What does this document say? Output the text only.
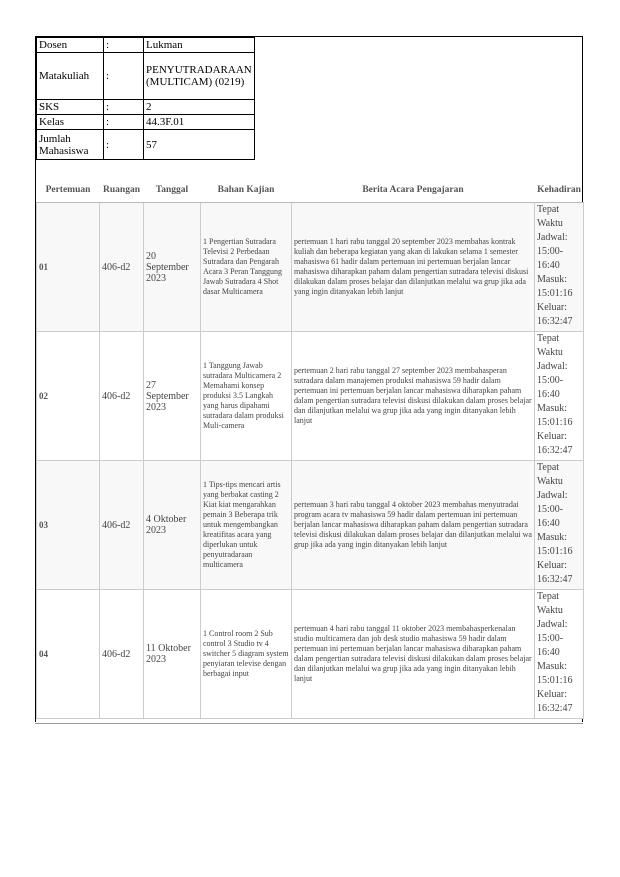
Dosen	:	Lukman
Matakuliah	:	PENYUTRADARAAN (MULTICAM) (0219)
SKS	:	2
Kelas	:	44.3F.01
Jumlah Mahasiswa	:	57
Pertemuan	Ruangan	Tanggal	Bahan Kajian	Berita Acara Pengajaran	Kehadiran
01	406-d2	20 September 2023	1 Pengertian Sutradara Televisi 2 Perbedaan Sutradara dan Pengarah Acara 3 Peran Tanggung Jawab Sutradara 4 Shot dasar Multicamera	pertemuan 1 hari rabu tanggal 20 september 2023 membahas kontrak kuliah dan beberapa kegiatan yang akan di lakukan selama 1 semester mahasiswa 61 hadir dalam pertemuan ini pertemuan berjalan lancar mahasiswa diharapkan paham dalam pengertian sutradara televisi diskusi dilakukan dalam proses belajar dan dilanjutkan melalui wa grup jika ada yang ingin ditanyakan lebih lanjut	Tepat Waktu Jadwal: 15:00-16:40 Masuk: 15:01:16 Keluar: 16:32:47
02	406-d2	27 September 2023	1 Tanggung Jawab sutradara Multicamera 2 Memahami konsep produksi 3.5 Langkah yang harus dipahami sutradara dalam produksi Muli-camera	pertemuan 2 hari rabu tanggal 27 september 2023 membahasperan sutradara dalam manajemen produksi mahasiswa 59 hadir dalam pertemuan ini pertemuan berjalan lancar mahasiswa diharapkan paham dalam pengertian sutradara televisi diskusi dilakukan dalam proses belajar dan dilanjutkan melalui wa grup jika ada yang ingin ditanyakan lebih lanjut	Tepat Waktu Jadwal: 15:00-16:40 Masuk: 15:01:16 Keluar: 16:32:47
03	406-d2	4 Oktober 2023	1 Tips-tips mencari artis yang berbakat casting 2 Kiat kiat mengarahkan pemain 3 Beberapa trik untuk mengembangkan kreatifitas acara yang diperlukan untuk penyutradaraan multicamera	pertemuan 3 hari rabu tanggal 4 oktober 2023 membahas menyutradai program acara tv mahasiswa 59 hadir dalam pertemuan ini pertemuan berjalan lancar mahasiswa diharapkan paham dalam pengertian sutradara televisi diskusi dilakukan dalam proses belajar dan dilanjutkan melalui wa grup jika ada yang ingin ditanyakan lebih lanjut	Tepat Waktu Jadwal: 15:00-16:40 Masuk: 15:01:16 Keluar: 16:32:47
04	406-d2	11 Oktober 2023	1 Control room 2 Sub control 3 Studio tv 4 switcher 5 diagram system penyiaran televise dengan berbagai input	pertemuan 4 hari rabu tanggal 11 oktober 2023 membahasperkenalan studio multicamera dan job desk studio mahasiswa 59 hadir dalam pertemuan ini pertemuan berjalan lancar mahasiswa diharapkan paham dalam pengertian sutradara televisi diskusi dilakukan dalam proses belajar dan dilanjutkan melalui wa grup jika ada yang ingin ditanyakan lebih lanjut	Tepat Waktu Jadwal: 15:00-16:40 Masuk: 15:01:16 Keluar: 16:32:47
